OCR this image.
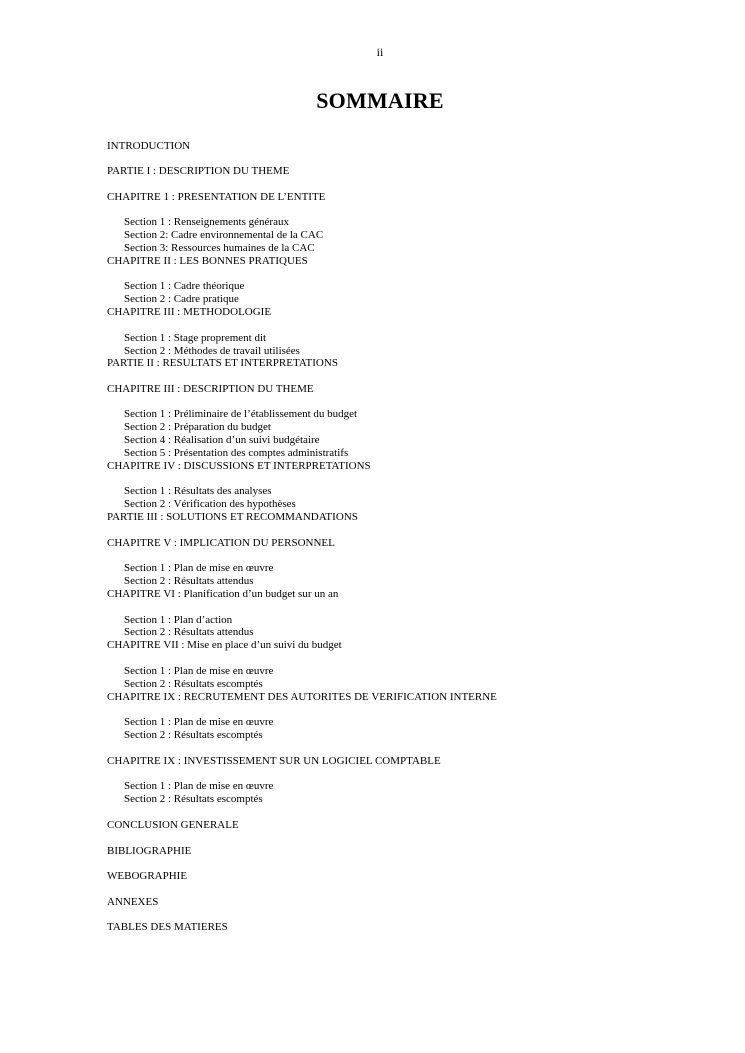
ii
SOMMAIRE
INTRODUCTION
PARTIE I : DESCRIPTION DU THEME
CHAPITRE 1 : PRESENTATION DE L’ENTITE
Section 1 : Renseignements généraux
Section 2: Cadre environnemental de la CAC
Section 3: Ressources humaines de la CAC
CHAPITRE II : LES BONNES PRATIQUES
Section 1 : Cadre théorique
Section 2 : Cadre pratique
CHAPITRE III : METHODOLOGIE
Section 1 : Stage proprement dit
Section 2 : Méthodes de travail utilisées
PARTIE II : RESULTATS ET INTERPRETATIONS
CHAPITRE III : DESCRIPTION DU THEME
Section 1 : Préliminaire de l’établissement du budget
Section 2 : Préparation du budget
Section 4 : Réalisation d’un suivi budgétaire
Section 5 : Présentation des comptes administratifs
CHAPITRE IV : DISCUSSIONS ET INTERPRETATIONS
Section 1 : Résultats des analyses
Section 2 : Vérification des hypothèses
PARTIE III : SOLUTIONS ET RECOMMANDATIONS
CHAPITRE V : IMPLICATION DU PERSONNEL
Section 1 : Plan de mise en œuvre
Section 2 : Résultats attendus
CHAPITRE VI : Planification d’un budget sur un an
Section 1 : Plan d’action
Section 2 : Résultats attendus
CHAPITRE VII : Mise en place d’un suivi du budget
Section 1 : Plan de mise en œuvre
Section 2 : Résultats escomptés
CHAPITRE IX : RECRUTEMENT DES AUTORITES DE VERIFICATION INTERNE
Section 1 : Plan de mise en œuvre
Section 2 : Résultats escomptés
CHAPITRE IX : INVESTISSEMENT SUR UN LOGICIEL COMPTABLE
Section 1 : Plan de mise en œuvre
Section 2 : Résultats escomptés
CONCLUSION GENERALE
BIBLIOGRAPHIE
WEBOGRAPHIE
ANNEXES
TABLES DES MATIERES
